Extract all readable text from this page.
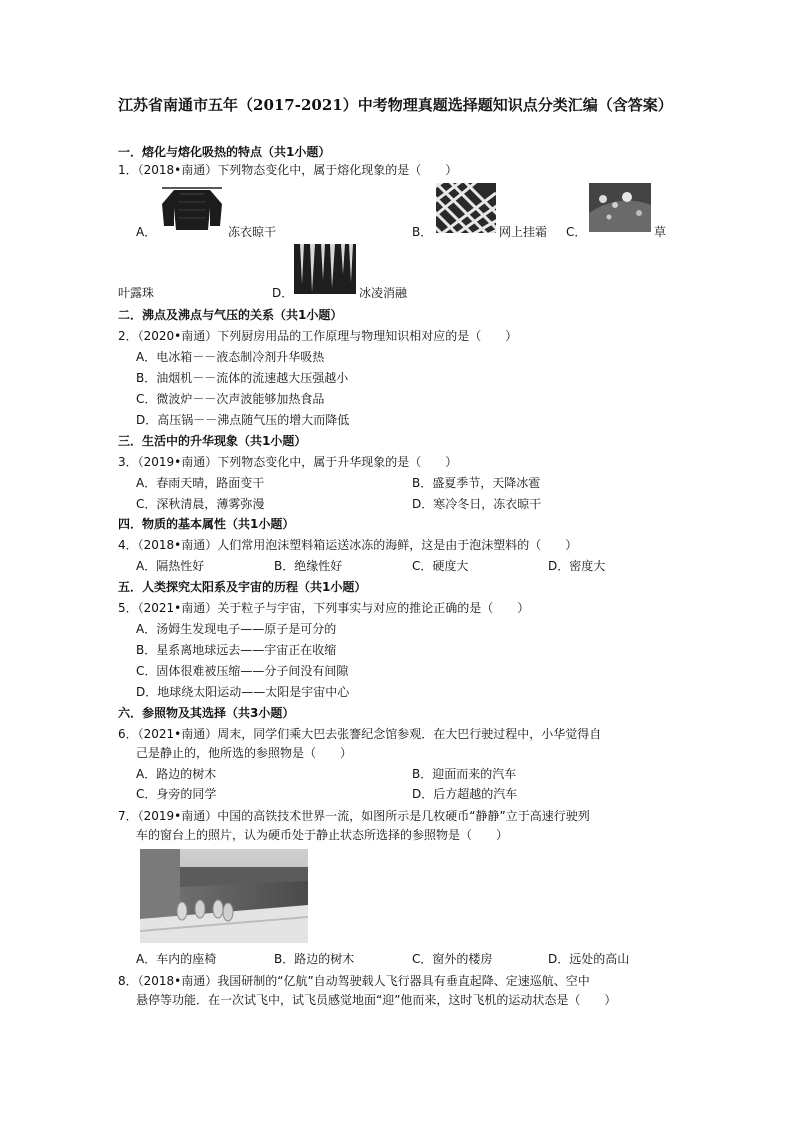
江苏省南通市五年（2017-2021）中考物理真题选择题知识点分类汇编（含答案）
一．熔化与熔化吸热的特点（共1小题）
1．（2018•南通）下列物态变化中，属于熔化现象的是（　　）
A．	冻衣晾干	B．	网上挂霜 C．	草
叶露珠	D．	冰凌消融
二．沸点及沸点与气压的关系（共1小题）
2．（2020•南通）下列厨房用品的工作原理与物理知识相对应的是（　　）
A．电冰箱－－液态制冷剂升华吸热
B．油烟机－－流体的流速越大压强越小
C．微波炉－－次声波能够加热食品
D．高压锅－－沸点随气压的增大而降低
三．生活中的升华现象（共1小题）
3．（2019•南通）下列物态变化中，属于升华现象的是（　　）
A．春雨天晴，路面变干	B．盛夏季节，天降冰雹
C．深秋清晨，薄雾弥漫	D．寒冷冬日，冻衣晾干
四．物质的基本属性（共1小题）
4．（2018•南通）人们常用泡沫塑料箱运送冰冻的海鲜，这是由于泡沫塑料的（　　）
A．隔热性好	B．绝缘性好	C．硬度大	D．密度大
五．人类探究太阳系及宇宙的历程（共1小题）
5．（2021•南通）关于粒子与宇宙，下列事实与对应的推论正确的是（　　）
A．汤姆生发现电子——原子是可分的
B．星系离地球远去——宇宙正在收缩
C．固体很难被压缩——分子间没有间隙
D．地球绕太阳运动——太阳是宇宙中心
六．参照物及其选择（共3小题）
6．（2021•南通）周末，同学们乘大巴去张謇纪念馆参观．在大巴行驶过程中，小华觉得自
己是静止的，他所选的参照物是（　　）
A．路边的树木	B．迎面而来的汽车
C．身旁的同学	D．后方超越的汽车
7．（2019•南通）中国的高铁技术世界一流，如图所示是几枚硬币“静静”立于高速行驶列
车的窗台上的照片，认为硬币处于静止状态所选择的参照物是（　　）
A．车内的座椅	B．路边的树木	C．窗外的楼房	D．远处的高山
8．（2018•南通）我国研制的“亿航”自动驾驶载人飞行器具有垂直起降、定速巡航、空中
悬停等功能．在一次试飞中，试飞员感觉地面“迎”他而来，这时飞机的运动状态是（　　）
